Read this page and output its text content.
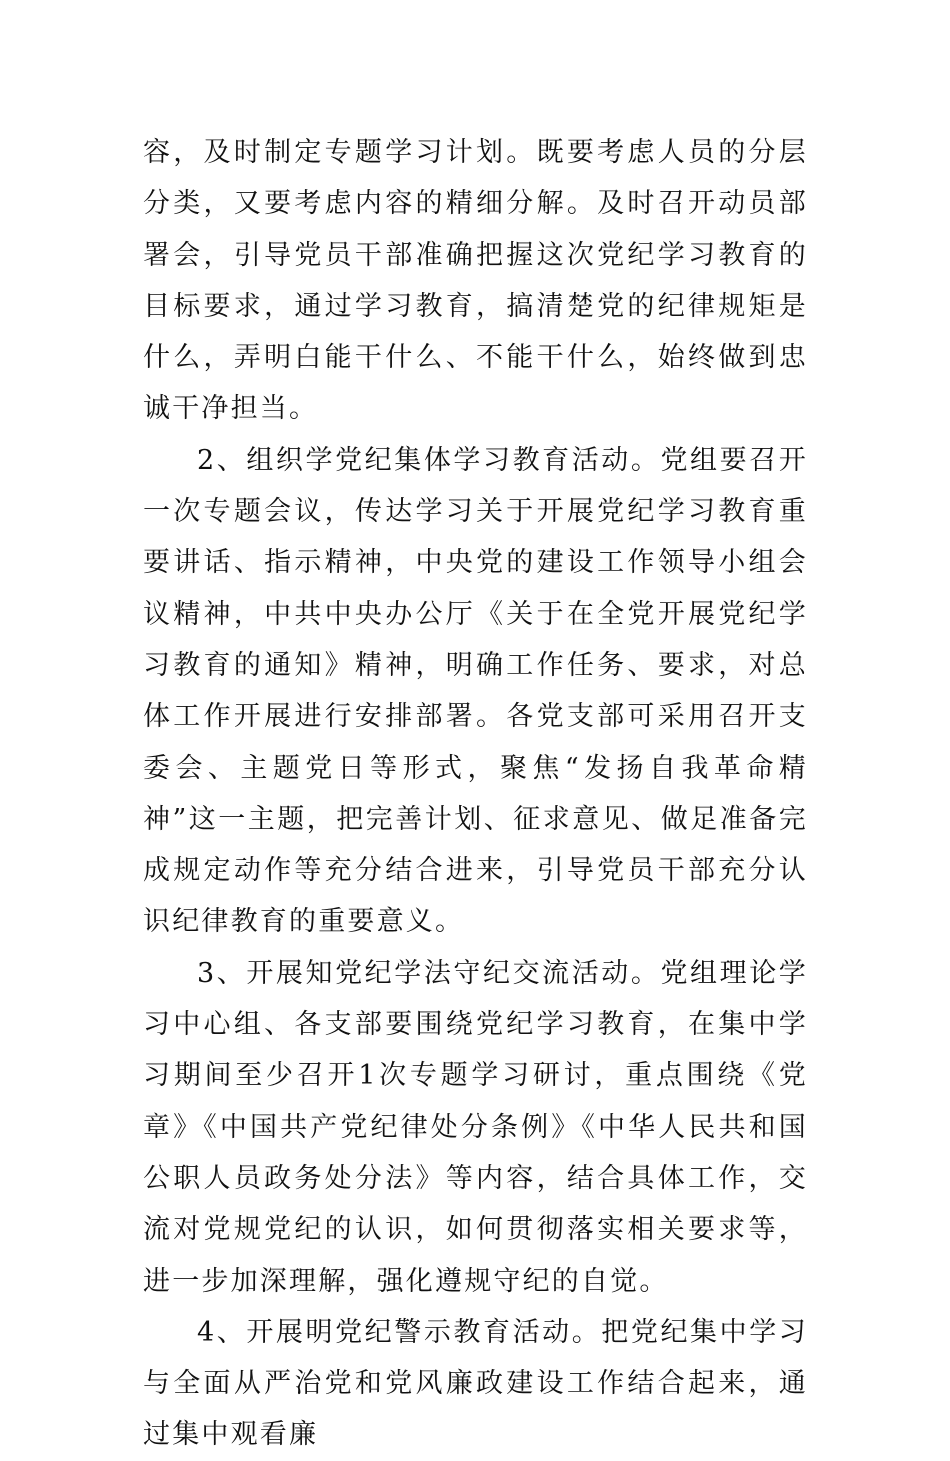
容，及时制定专题学习计划。既要考虑人员的分层分类，又要考虑内容的精细分解。及时召开动员部署会，引导党员干部准确把握这次党纪学习教育的目标要求，通过学习教育，搞清楚党的纪律规矩是什么，弄明白能干什么、不能干什么，始终做到忠诚干净担当。

2、组织学党纪集体学习教育活动。党组要召开一次专题会议，传达学习关于开展党纪学习教育重要讲话、指示精神，中央党的建设工作领导小组会议精神，中共中央办公厅《关于在全党开展党纪学习教育的通知》精神，明确工作任务、要求，对总体工作开展进行安排部署。各党支部可采用召开支委会、主题党日等形式，聚焦“发扬自我革命精神”这一主题，把完善计划、征求意见、做足准备完成规定动作等充分结合进来，引导党员干部充分认识纪律教育的重要意义。

3、开展知党纪学法守纪交流活动。党组理论学习中心组、各支部要围绕党纪学习教育，在集中学习期间至少召开1次专题学习研讨，重点围绕《党章》《中国共产党纪律处分条例》《中华人民共和国公职人员政务处分法》等内容，结合具体工作，交流对党规党纪的认识，如何贯彻落实相关要求等，进一步加深理解，强化遵规守纪的自觉。

4、开展明党纪警示教育活动。把党纪集中学习与全面从严治党和党风廉政建设工作结合起来，通过集中观看廉
